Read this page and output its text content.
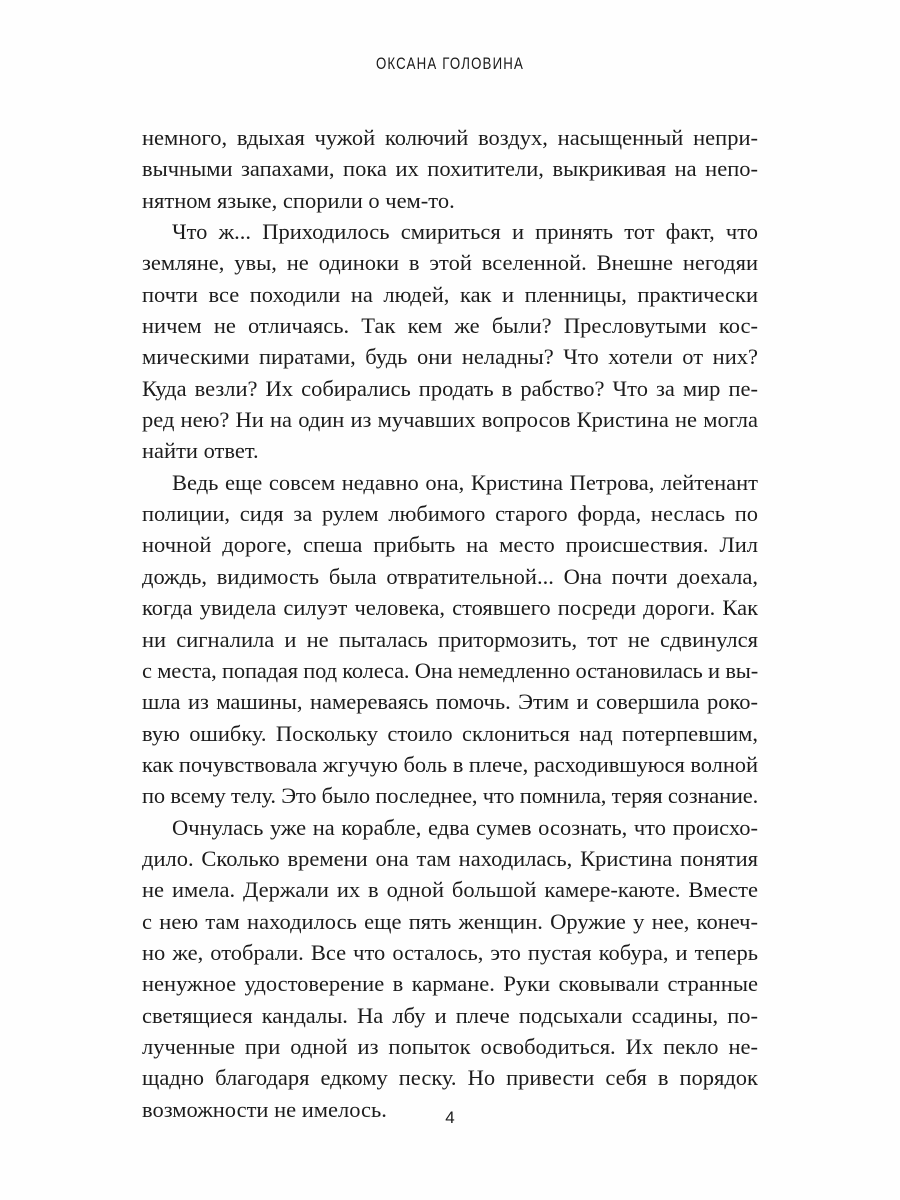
ОКСАНА ГОЛОВИНА
немного, вдыхая чужой колючий воздух, насыщенный непри-
вычными запахами, пока их похитители, выкрикивая на непо-
нятном языке, спорили о чем-то.
Что ж... Приходилось смириться и принять тот факт, что
земляне, увы, не одиноки в этой вселенной. Внешне негодяи
почти все походили на людей, как и пленницы, практически
ничем не отличаясь. Так кем же были? Пресловутыми кос-
мическими пиратами, будь они неладны? Что хотели от них?
Куда везли? Их собирались продать в рабство? Что за мир пе-
ред нею? Ни на один из мучавших вопросов Кристина не могла
найти ответ.
Ведь еще совсем недавно она, Кристина Петрова, лейтенант
полиции, сидя за рулем любимого старого форда, неслась по
ночной дороге, спеша прибыть на место происшествия. Лил
дождь, видимость была отвратительной... Она почти доехала,
когда увидела силуэт человека, стоявшего посреди дороги. Как
ни сигналила и не пыталась притормозить, тот не сдвинулся
с места, попадая под колеса. Она немедленно остановилась и вы-
шла из машины, намереваясь помочь. Этим и совершила роко-
вую ошибку. Поскольку стоило склониться над потерпевшим,
как почувствовала жгучую боль в плече, расходившуюся волной
по всему телу. Это было последнее, что помнила, теряя сознание.
Очнулась уже на корабле, едва сумев осознать, что происхо-
дило. Сколько времени она там находилась, Кристина понятия
не имела. Держали их в одной большой камере-каюте. Вместе
с нею там находилось еще пять женщин. Оружие у нее, конеч-
но же, отобрали. Все что осталось, это пустая кобура, и теперь
ненужное удостоверение в кармане. Руки сковывали странные
светящиеся кандалы. На лбу и плече подсыхали ссадины, по-
лученные при одной из попыток освободиться. Их пекло не-
щадно благодаря едкому песку. Но привести себя в порядок
возможности не имелось.	4
